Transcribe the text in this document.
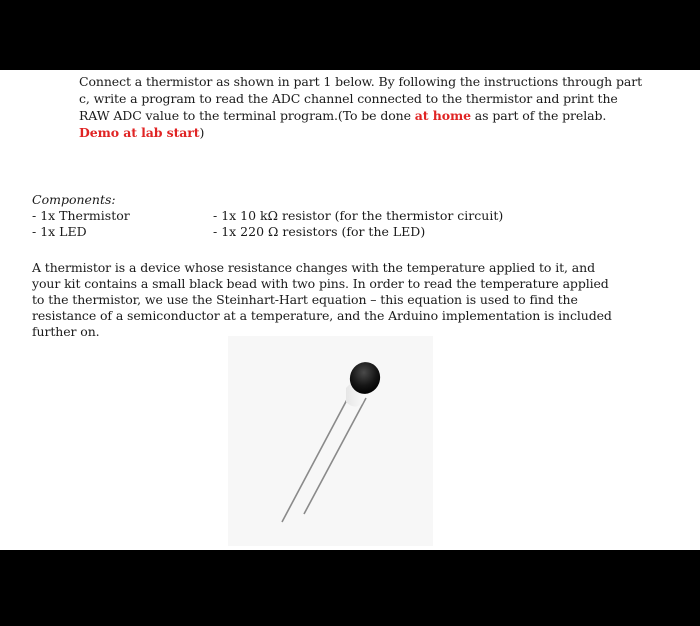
Connect a thermistor as shown in part 1 below. By following the instructions through part c, write a program to read the ADC channel connected to the thermistor and print the RAW ADC value to the terminal program.(To be done at home as part of the prelab. Demo at lab start)
Components:
- 1x Thermistor	- 1x 10 kΩ resistor (for the thermistor circuit)
- 1x LED	- 1x 220 Ω resistors (for the LED)
A thermistor is a device whose resistance changes with the temperature applied to it, and your kit contains a small black bead with two pins. In order to read the temperature applied to the thermistor, we use the Steinhart-Hart equation – this equation is used to find the resistance of a semiconductor at a temperature, and the Arduino implementation is included further on.
